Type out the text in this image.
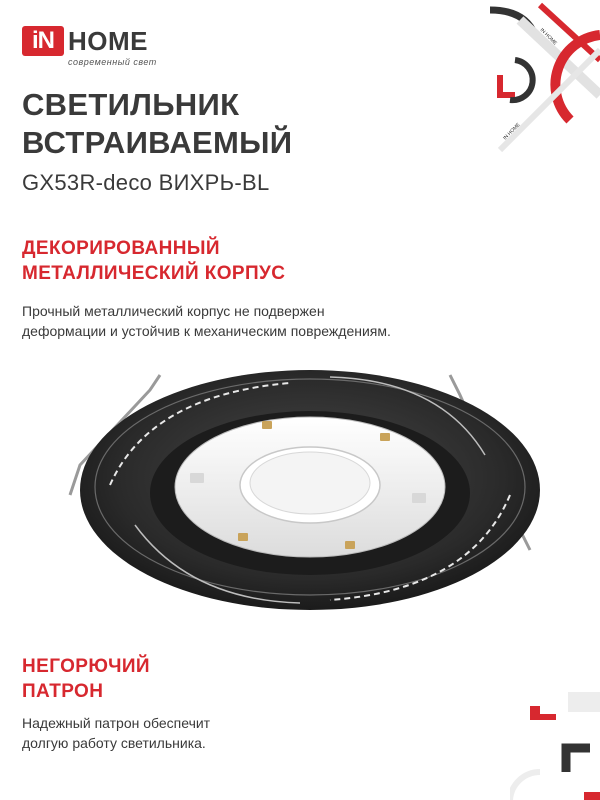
iN HOME
современный свет
СВЕТИЛЬНИК
ВСТРАИВАЕМЫЙ
GX53R-deco ВИХРЬ-BL
ДЕКОРИРОВАННЫЙ
МЕТАЛЛИЧЕСКИЙ КОРПУС
Прочный металлический корпус не подвержен
деформации и устойчив к механическим повреждениям.
НЕГОРЮЧИЙ
ПАТРОН
Надежный патрон обеспечит
долгую работу светильника.
IN HOME
IN HOME
